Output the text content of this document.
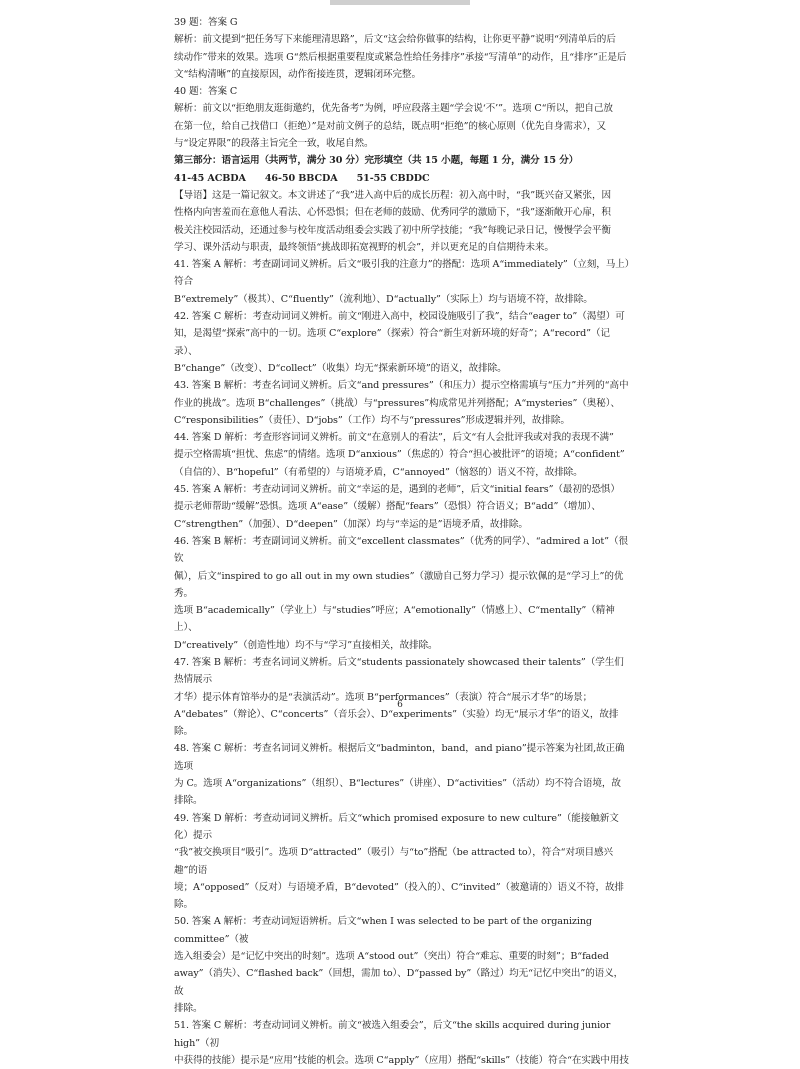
39 题：答案 G

解析：前文提到“把任务写下来能理清思路”，后文“这会给你做事的结构，让你更平静”说明“列清单后的后

续动作”带来的效果。选项 G“然后根据重要程度或紧急性给任务排序”承接“写清单”的动作，且“排序”正是后

文“结构清晰”的直接原因，动作衔接连贯，逻辑闭环完整。

40 题：答案 C

解析：前文以“拒绝朋友逛街邀约，优先备考”为例，呼应段落主题“学会说‘不’”。选项 C“所以，把自己放

在第一位，给自己找借口（拒绝）”是对前文例子的总结，既点明“拒绝”的核心原则（优先自身需求），又

与“设定界限”的段落主旨完全一致，收尾自然。

第三部分：语言运用（共两节，满分 30 分）完形填空（共 15 小题，每题 1 分，满分 15 分）

41-45 ACBDA　　46-50 BBCDA　　51-55 CBDDC

【导语】这是一篇记叙文。本文讲述了“我”进入高中后的成长历程：初入高中时，“我”既兴奋又紧张，因

性格内向害羞而在意他人看法、心怀恐惧；但在老师的鼓励、优秀同学的激励下，“我”逐渐敞开心扉，积

极关注校园活动，还通过参与校年度活动组委会实践了初中所学技能；“我”每晚记录日记，慢慢学会平衡

学习、课外活动与职责，最终领悟“挑战即拓宽视野的机会”，并以更充足的自信期待未来。

41. 答案 A 解析：考查副词词义辨析。后文“吸引我的注意力”的搭配：选项 A“immediately”（立刻，马上）符合

B“extremely”（极其）、C“fluently”（流利地）、D“actually”（实际上）均与语境不符，故排除。

42. 答案 C 解析：考查动词词义辨析。前文“刚进入高中，校园设施吸引了我”，结合“eager to”（渴望）可

知，是渴望“探索”高中的一切。选项 C“explore”（探索）符合“新生对新环境的好奇”；A“record”（记录）、

B“change”（改变）、D“collect”（收集）均无“探索新环境”的语义，故排除。

43. 答案 B 解析：考查名词词义辨析。后文“and pressures”（和压力）提示空格需填与“压力”并列的“高中

作业的挑战”。选项 B“challenges”（挑战）与“pressures”构成常见并列搭配；A“mysteries”（奥秘）、

C“responsibilities”（责任）、D“jobs”（工作）均不与“pressures”形成逻辑并列，故排除。

44. 答案 D 解析：考查形容词词义辨析。前文“在意别人的看法”，后文“有人会批评我或对我的表现不满”

提示空格需填“担忧、焦虑”的情绪。选项 D“anxious”（焦虑的）符合“担心被批评”的语境；A“confident”

（自信的）、B“hopeful”（有希望的）与语境矛盾，C“annoyed”（恼怒的）语义不符，故排除。

45. 答案 A 解析：考查动词词义辨析。前文“幸运的是，遇到的老师”，后文“initial fears”（最初的恐惧）

提示老师帮助“缓解”恐惧。选项 A“ease”（缓解）搭配“fears”（恐惧）符合语义；B“add”（增加）、

C“strengthen”（加强）、D“deepen”（加深）均与“幸运的是”语境矛盾，故排除。

46. 答案 B 解析：考查副词词义辨析。前文“excellent classmates”（优秀的同学）、“admired a lot”（很钦

佩），后文“inspired to go all out in my own studies”（激励自己努力学习）提示钦佩的是“学习上”的优秀。

选项 B“academically”（学业上）与“studies”呼应；A“emotionally”（情感上）、C“mentally”（精神上）、

D“creatively”（创造性地）均不与“学习”直接相关，故排除。

47. 答案 B 解析：考查名词词义辨析。后文“students passionately showcased their talents”（学生们热情展示

才华）提示体育馆举办的是“表演活动”。选项 B“performances”（表演）符合“展示才华”的场景；

A“debates”（辩论）、C“concerts”（音乐会）、D“experiments”（实验）均无“展示才华”的语义，故排除。

48. 答案 C 解析：考查名词词义辨析。根据后文“badminton，band，and piano”提示答案为社团,故正确选项

为 C。选项 A“organizations”（组织）、B“lectures”（讲座）、D“activities”（活动）均不符合语境，故排除。

49. 答案 D 解析：考查动词词义辨析。后文“which promised exposure to new culture”（能接触新文化）提示

“我”被交换项目“吸引”。选项 D“attracted”（吸引）与“to”搭配（be attracted to），符合“对项目感兴趣”的语

境；A“opposed”（反对）与语境矛盾，B“devoted”（投入的）、C“invited”（被邀请的）语义不符，故排除。

50. 答案 A 解析：考查动词短语辨析。后文“when I was selected to be part of the organizing committee”（被

选入组委会）是“记忆中突出的时刻”。选项 A“stood out”（突出）符合“难忘、重要的时刻”；B“faded

away”（消失）、C“flashed back”（回想，需加 to）、D“passed by”（路过）均无“记忆中突出”的语义，故

排除。

51. 答案 C 解析：考查动词词义辨析。前文“被选入组委会”，后文“the skills acquired during junior high”（初

中获得的技能）提示是“应用”技能的机会。选项 C“apply”（应用）搭配“skills”（技能）符合“在实践中用技

6
